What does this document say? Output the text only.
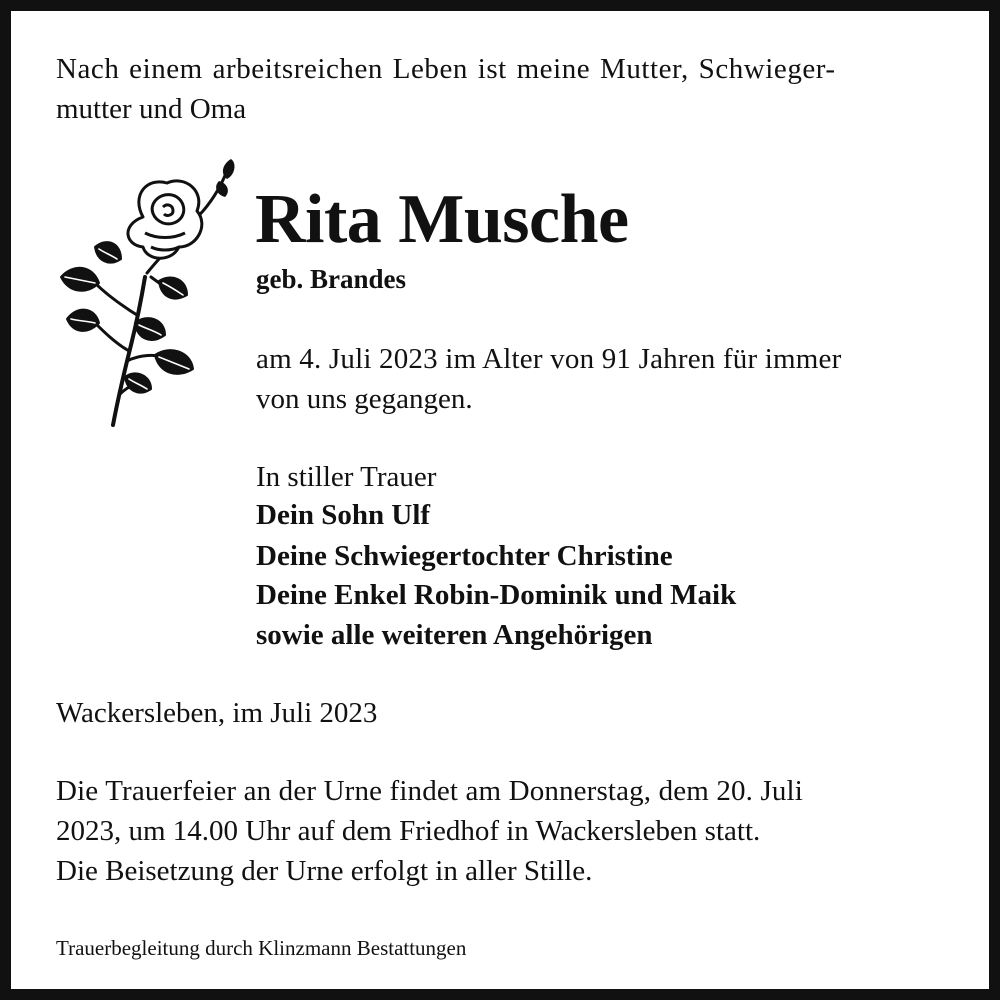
Nach einem arbeitsreichen Leben ist meine Mutter, Schwieger-

mutter und Oma

Rita Musche

geb. Brandes

am 4. Juli 2023 im Alter von 91 Jahren für immer

von uns gegangen.

In stiller Trauer

Dein Sohn Ulf

Deine Schwiegertochter Christine

Deine Enkel Robin-Dominik und Maik

sowie alle weiteren Angehörigen

Wackersleben, im Juli 2023

Die Trauerfeier an der Urne findet am Donnerstag, dem 20. Juli

2023, um 14.00 Uhr auf dem Friedhof in Wackersleben statt.

Die Beisetzung der Urne erfolgt in aller Stille.

Trauerbegleitung durch Klinzmann Bestattungen
